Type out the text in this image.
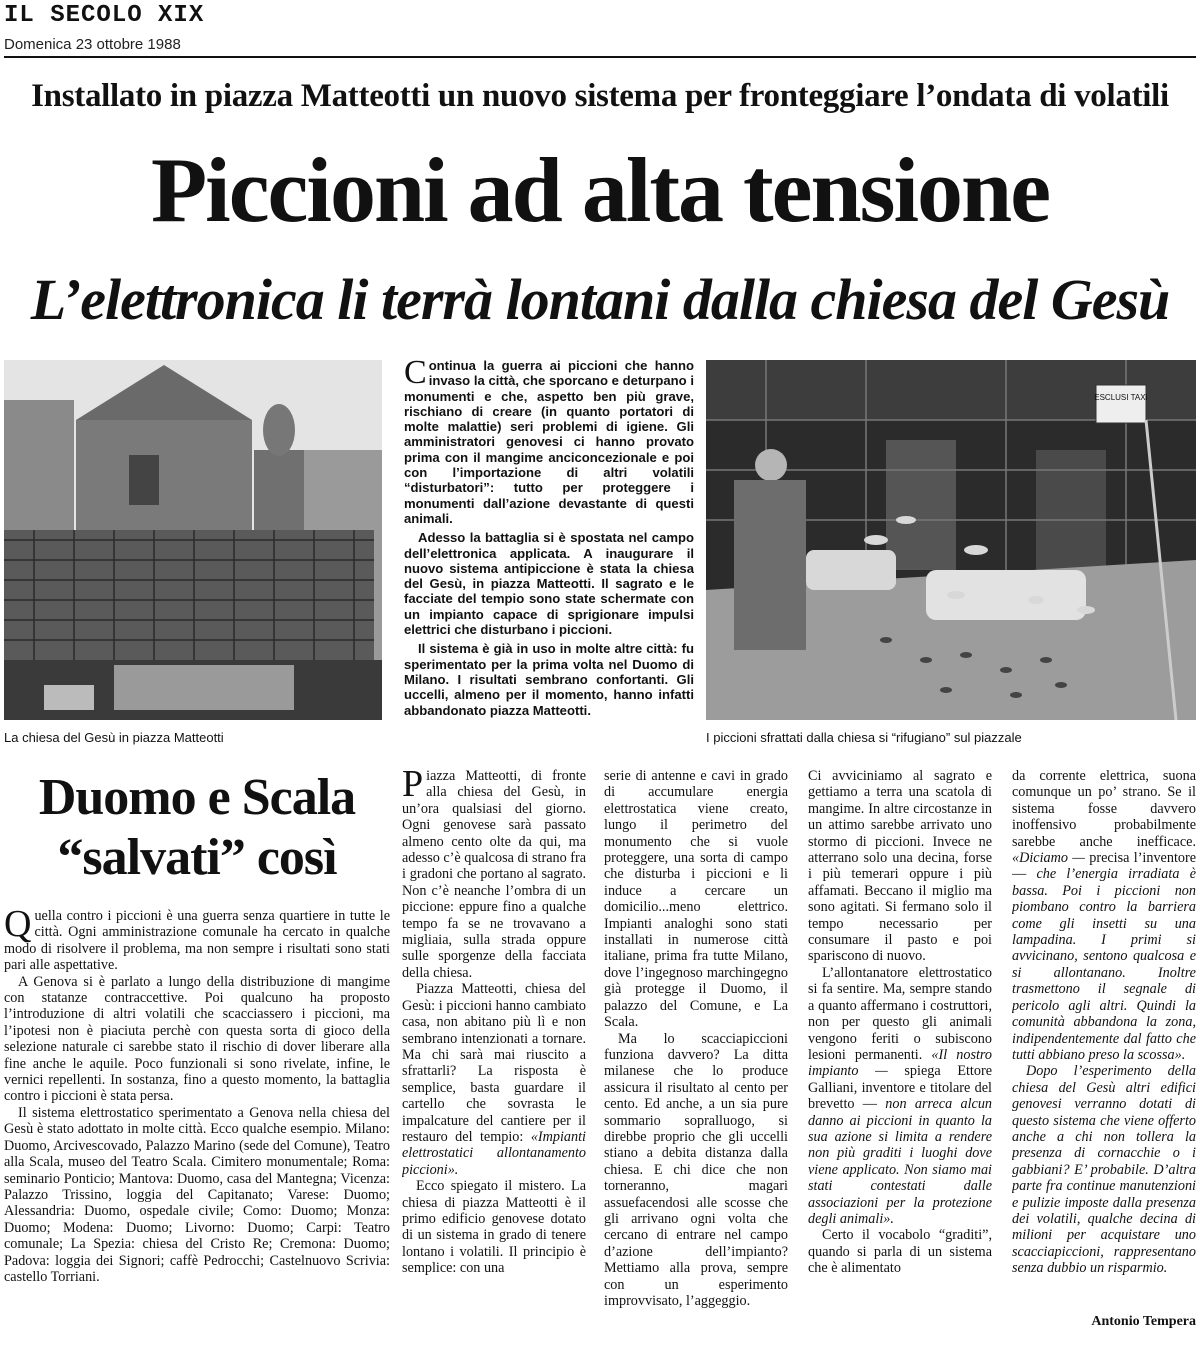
IL SECOLO XIX
Domenica 23 ottobre 1988
Installato in piazza Matteotti un nuovo sistema per fronteggiare l’ondata di volatili
Piccioni ad alta tensione
L’elettronica li terrà lontani dalla chiesa del Gesù
La chiesa del Gesù in piazza Matteotti
ESCLUSI TAXI
I piccioni sfrattati dalla chiesa si “rifugiano” sul piazzale

Continua la guerra ai piccioni che hanno invaso la città, che sporcano e deturpano i monumenti e che, aspetto ben più grave, rischiano di creare (in quanto portatori di molte malattie) seri problemi di igiene. Gli amministratori genovesi ci hanno provato prima con il mangime anciconcezionale e poi con l’importazione di altri volatili “disturbatori”: tutto per proteggere i monumenti dall’azione devastante di questi animali.

Adesso la battaglia si è spostata nel campo dell’elettronica applicata. A inaugurare il nuovo sistema antipiccione è stata la chiesa del Gesù, in piazza Matteotti. Il sagrato e le facciate del tempio sono state schermate con un impianto capace di sprigionare impulsi elettrici che disturbano i piccioni.

Il sistema è già in uso in molte altre città: fu sperimentato per la prima volta nel Duomo di Milano. I risultati sembrano confortanti. Gli uccelli, almeno per il momento, hanno infatti abbandonato piazza Matteotti.

Duomo e Scala
“salvati” così

Quella contro i piccioni è una guerra senza quartiere in tutte le città. Ogni amministrazione comunale ha cercato in qualche modo di risolvere il problema, ma non sempre i risultati sono stati pari alle aspettative.

A Genova si è parlato a lungo della distribuzione di mangime con statanze contraccettive. Poi qualcuno ha proposto l’introduzione di altri volatili che scacciassero i piccioni, ma l’ipotesi non è piaciuta perchè con questa sorta di gioco della selezione naturale ci sarebbe stato il rischio di dover liberare alla fine anche le aquile. Poco funzionali si sono rivelate, infine, le vernici repellenti. In sostanza, fino a questo momento, la battaglia contro i piccioni è stata persa.

Il sistema elettrostatico sperimentato a Genova nella chiesa del Gesù è stato adottato in molte città. Ecco qualche esempio. Milano: Duomo, Arcivescovado, Palazzo Marino (sede del Comune), Teatro alla Scala, museo del Teatro Scala. Cimitero monumentale; Roma: seminario Ponticio; Mantova: Duomo, casa del Mantegna; Vicenza: Palazzo Trissino, loggia del Capitanato; Varese: Duomo; Alessandria: Duomo, ospedale civile; Como: Duomo; Monza: Duomo; Modena: Duomo; Livorno: Duomo; Carpi: Teatro comunale; La Spezia: chiesa del Cristo Re; Cremona: Duomo; Padova: loggia dei Signori; caffè Pedrocchi; Castelnuovo Scrivia: castello Torriani.

Piazza Matteotti, di fronte alla chiesa del Gesù, in un’ora qualsiasi del giorno. Ogni genovese sarà passato almeno cento olte da qui, ma adesso c’è qualcosa di strano fra i gradoni che portano al sagrato. Non c’è neanche l’ombra di un piccione: eppure fino a qualche tempo fa se ne trovavano a migliaia, sulla strada oppure sulle sporgenze della facciata della chiesa.

Piazza Matteotti, chiesa del Gesù: i piccioni hanno cambiato casa, non abitano più lì e non sembrano intenzionati a tornare. Ma chi sarà mai riuscito a sfrattarli? La risposta è semplice, basta guardare il cartello che sovrasta le impalcature del cantiere per il restauro del tempio: «Impianti elettrostatici allontanamento piccioni».

Ecco spiegato il mistero. La chiesa di piazza Matteotti è il primo edificio genovese dotato di un sistema in grado di tenere lontano i volatili. Il principio è semplice: con una

serie di antenne e cavi in grado di accumulare energia elettrostatica viene creato, lungo il perimetro del monumento che si vuole proteggere, una sorta di campo che disturba i piccioni e li induce a cercare un domicilio...meno elettrico. Impianti analoghi sono stati installati in numerose città italiane, prima fra tutte Milano, dove l’ingegnoso marchingegno già protegge il Duomo, il palazzo del Comune, e La Scala.

Ma lo scacciapiccioni funziona davvero? La ditta milanese che lo produce assicura il risultato al cento per cento. Ed anche, a un sia pure sommario sopralluogo, si direbbe proprio che gli uccelli stiano a debita distanza dalla chiesa. E chi dice che non torneranno, magari assuefacendosi alle scosse che gli arrivano ogni volta che cercano di entrare nel campo d’azione dell’impianto? Mettiamo alla prova, sempre con un esperimento improvvisato, l’aggeggio.

Ci avviciniamo al sagrato e gettiamo a terra una scatola di mangime. In altre circostanze in un attimo sarebbe arrivato uno stormo di piccioni. Invece ne atterrano solo una decina, forse i più temerari oppure i più affamati. Beccano il miglio ma sono agitati. Si fermano solo il tempo necessario per consumare il pasto e poi spariscono di nuovo.

L’allontanatore elettrostatico si fa sentire. Ma, sempre stando a quanto affermano i costruttori, non per questo gli animali vengono feriti o subiscono lesioni permanenti. «Il nostro impianto — spiega Ettore Galliani, inventore e titolare del brevetto — non arreca alcun danno ai piccioni in quanto la sua azione si limita a rendere non più graditi i luoghi dove viene applicato. Non siamo mai stati contestati dalle associazioni per la protezione degli animali».

Certo il vocabolo “graditi”, quando si parla di un sistema che è alimentato

da corrente elettrica, suona comunque un po’ strano. Se il sistema fosse davvero inoffensivo probabilmente sarebbe anche inefficace. «Diciamo — precisa l’inventore — che l’energia irradiata è bassa. Poi i piccioni non piombano contro la barriera come gli insetti su una lampadina. I primi si avvicinano, sentono qualcosa e si allontanano. Inoltre trasmettono il segnale di pericolo agli altri. Quindi la comunità abbandona la zona, indipendentemente dal fatto che tutti abbiano preso la scossa».

Dopo l’esperimento della chiesa del Gesù altri edifici genovesi verranno dotati di questo sistema che viene offerto anche a chi non tollera la presenza di cornacchie o i gabbiani? E’ probabile. D’altra parte fra continue manutenzioni e pulizie imposte dalla presenza dei volatili, qualche decina di milioni per acquistare uno scacciapiccioni, rappresentano senza dubbio un risparmio.

Antonio Tempera
